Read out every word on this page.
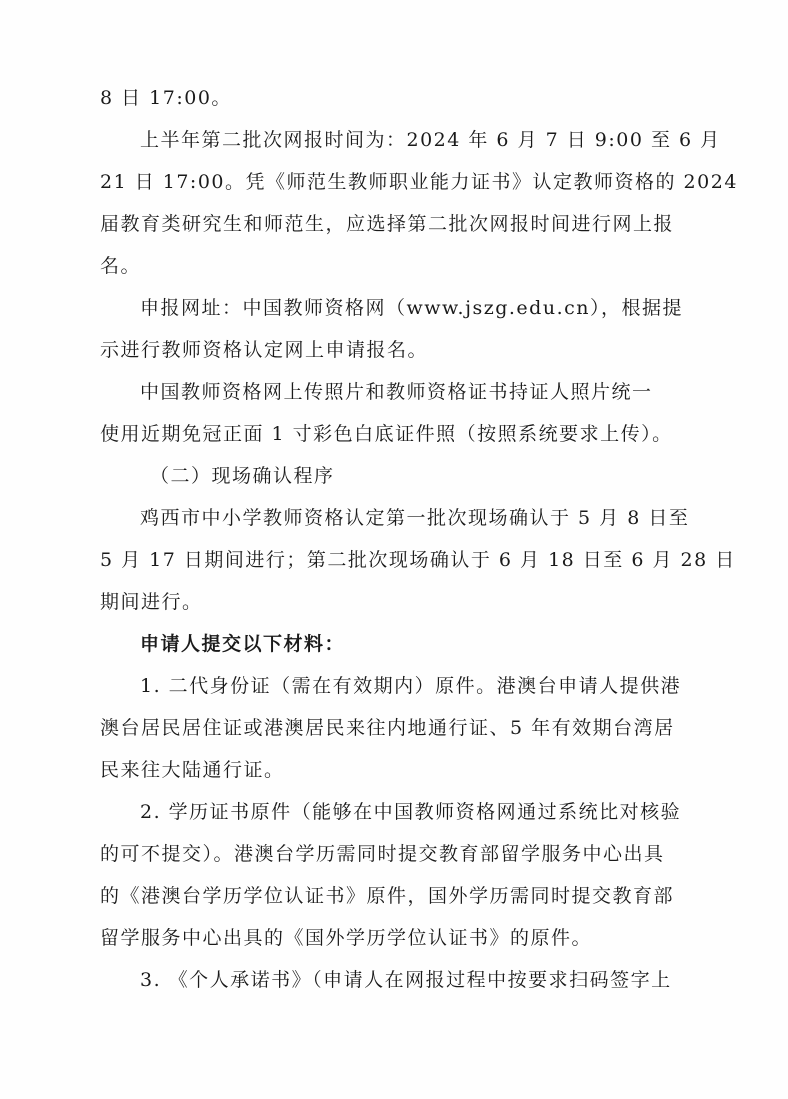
8 日 17:00。
上半年第二批次网报时间为：2024 年 6 月 7 日 9:00 至 6 月
21 日 17:00。凭《师范生教师职业能力证书》认定教师资格的 2024
届教育类研究生和师范生，应选择第二批次网报时间进行网上报
名。
申报网址：中国教师资格网（www.jszg.edu.cn），根据提
示进行教师资格认定网上申请报名。
中国教师资格网上传照片和教师资格证书持证人照片统一
使用近期免冠正面 1 寸彩色白底证件照（按照系统要求上传）。
（二）现场确认程序
鸡西市中小学教师资格认定第一批次现场确认于 5 月 8 日至
5 月 17 日期间进行；第二批次现场确认于 6 月 18 日至 6 月 28 日
期间进行。
申请人提交以下材料：
1. 二代身份证（需在有效期内）原件。港澳台申请人提供港
澳台居民居住证或港澳居民来往内地通行证、5 年有效期台湾居
民来往大陆通行证。
2. 学历证书原件（能够在中国教师资格网通过系统比对核验
的可不提交）。港澳台学历需同时提交教育部留学服务中心出具
的《港澳台学历学位认证书》原件，国外学历需同时提交教育部
留学服务中心出具的《国外学历学位认证书》的原件。
3. 《个人承诺书》（申请人在网报过程中按要求扫码签字上
